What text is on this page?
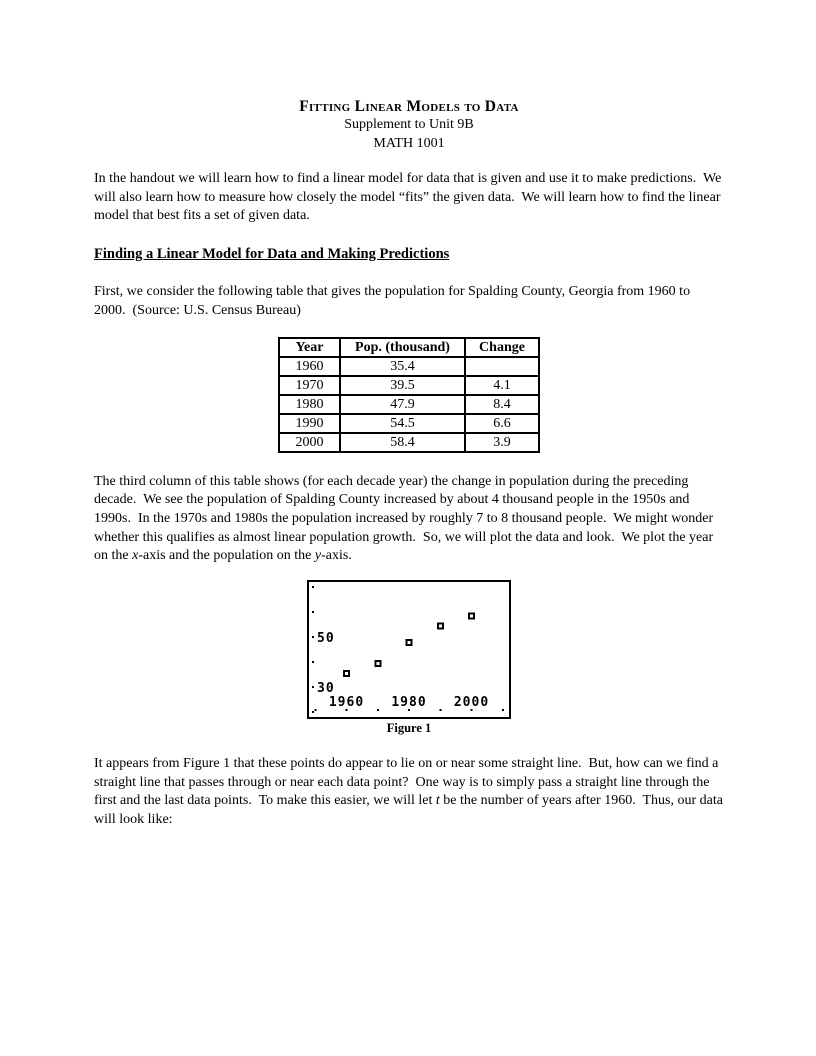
Fitting Linear Models to Data
Supplement to Unit 9B
MATH 1001

In the handout we will learn how to find a linear model for data that is given and use it to make predictions.  We will also learn how to measure how closely the model “fits” the given data.  We will learn how to find the linear model that best fits a set of given data.

Finding a Linear Model for Data and Making Predictions

First, we consider the following table that gives the population for Spalding County, Georgia from 1960 to 2000.  (Source: U.S. Census Bureau)

Year	Pop. (thousand)	Change
1960	35.4	
1970	39.5	4.1
1980	47.9	8.4
1990	54.5	6.6
2000	58.4	3.9

The third column of this table shows (for each decade year) the change in population during the preceding decade.  We see the population of Spalding County increased by about 4 thousand people in the 1950s and 1990s.  In the 1970s and 1980s the population increased by roughly 7 to 8 thousand people.  We might wonder whether this qualifies as almost linear population growth.  So, we will plot the data and look.  We plot the year on the x-axis and the population on the y-axis.

1960 1980 2000
30
50
Figure 1

It appears from Figure 1 that these points do appear to lie on or near some straight line.  But, how can we find a straight line that passes through or near each data point?  One way is to simply pass a straight line through the first and the last data points.  To make this easier, we will let t be the number of years after 1960.  Thus, our data will look like:
